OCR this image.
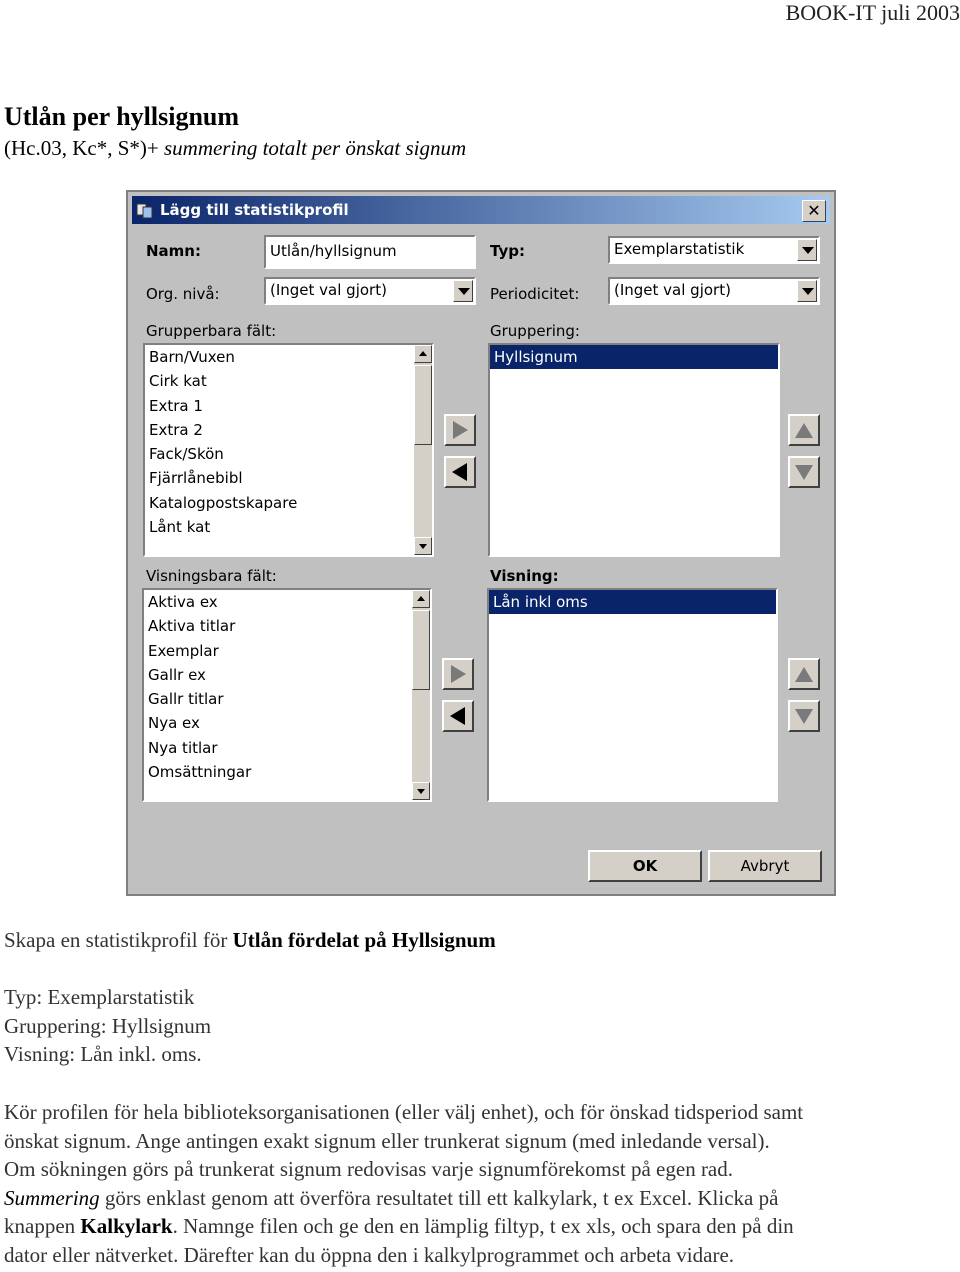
BOOK-IT juli 2003
Utlån per hyllsignum
(Hc.03, Kc*, S*)+ summering totalt per önskat signum
Lägg till statistikprofil	✕
Namn:	Utlån/hyllsignum	Typ:	Exemplarstatistik
Org. nivå:	(Inget val gjort)	Periodicitet:	(Inget val gjort)
Grupperbara fält:
Barn/Vuxen
Cirk kat
Extra 1
Extra 2
Fack/Skön
Fjärrlånebibl
Katalogpostskapare
Lånt kat
Gruppering:
Hyllsignum
Visningsbara fält:
Aktiva ex
Aktiva titlar
Exemplar
Gallr ex
Gallr titlar
Nya ex
Nya titlar
Omsättningar
Visning:
Lån inkl oms
OK	Avbryt
Skapa en statistikprofil för Utlån fördelat på Hyllsignum
Typ: Exemplarstatistik
Gruppering: Hyllsignum
Visning: Lån inkl. oms.
Kör profilen för hela biblioteksorganisationen (eller välj enhet), och för önskad tidsperiod samt
önskat signum. Ange antingen exakt signum eller trunkerat signum (med inledande versal).
Om sökningen görs på trunkerat signum redovisas varje signumförekomst på egen rad.
Summering görs enklast genom att överföra resultatet till ett kalkylark, t ex Excel. Klicka på
knappen Kalkylark. Namnge filen och ge den en lämplig filtyp, t ex xls, och spara den på din
dator eller nätverket. Därefter kan du öppna den i kalkylprogrammet och arbeta vidare.
